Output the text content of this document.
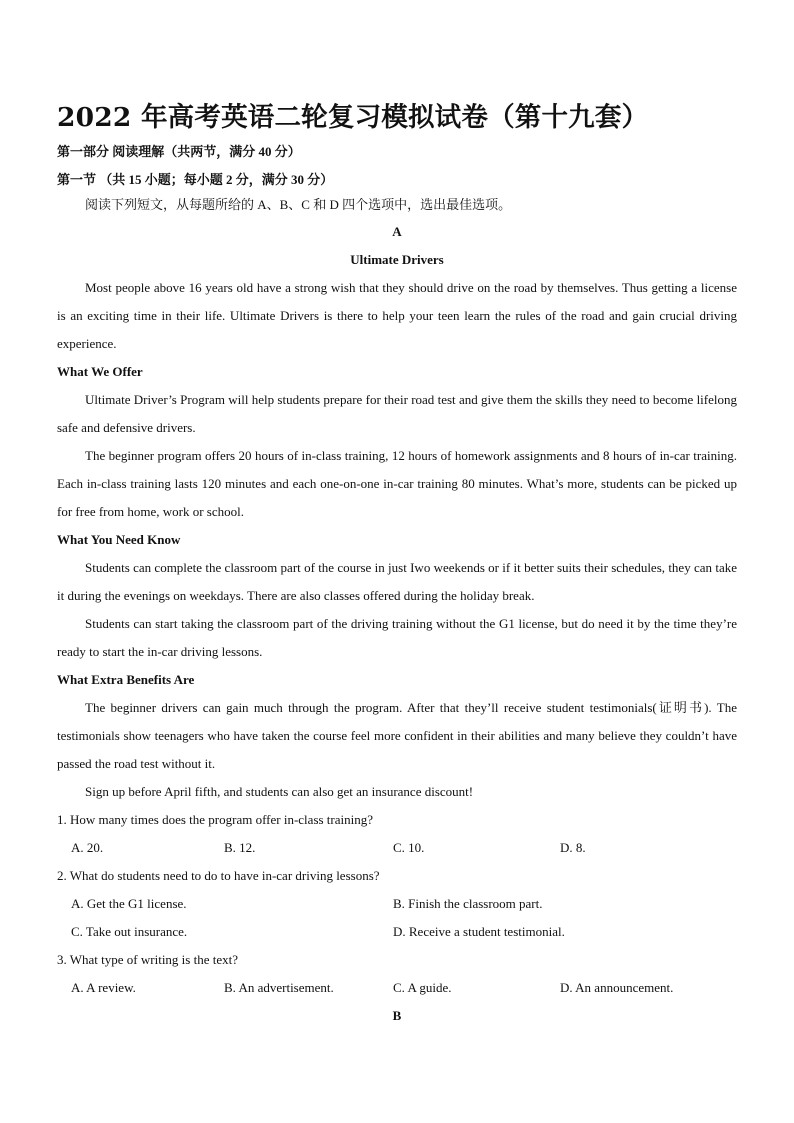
2022 年高考英语二轮复习模拟试卷（第十九套）
第一部分 阅读理解（共两节，满分 40 分）
第一节 （共 15 小题；每小题 2 分，满分 30 分）

阅读下列短文，从每题所给的 A、B、C 和 D 四个选项中，选出最佳选项。

A

Ultimate Drivers

Most people above 16 years old have a strong wish that they should drive on the road by themselves. Thus getting a license is an exciting time in their life. Ultimate Drivers is there to help your teen learn the rules of the road and gain crucial driving experience.

What We Offer

Ultimate Driver’s Program will help students prepare for their road test and give them the skills they need to become lifelong safe and defensive drivers.

The beginner program offers 20 hours of in-class training, 12 hours of homework assignments and 8 hours of in-car training. Each in-class training lasts 120 minutes and each one-on-one in-car training 80 minutes. What’s more, students can be picked up for free from home, work or school.

What You Need Know

Students can complete the classroom part of the course in just Iwo weekends or if it better suits their schedules, they can take it during the evenings on weekdays. There are also classes offered during the holiday break.

Students can start taking the classroom part of the driving training without the G1 license, but do need it by the time they’re ready to start the in-car driving lessons.

What Extra Benefits Are

The beginner drivers can gain much through the program. After that they’ll receive student testimonials(证明书). The testimonials show teenagers who have taken the course feel more confident in their abilities and many believe they couldn’t have passed the road test without it.

Sign up before April fifth, and students can also get an insurance discount!

1. How many times does the program offer in-class training?
A. 20.	B. 12.	C. 10.	D. 8.
2. What do students need to do to have in-car driving lessons?
A. Get the G1 license.	B. Finish the classroom part.
C. Take out insurance.	D. Receive a student testimonial.
3. What type of writing is the text?
A. A review.	B. An advertisement.	C. A guide.	D. An announcement.

B
